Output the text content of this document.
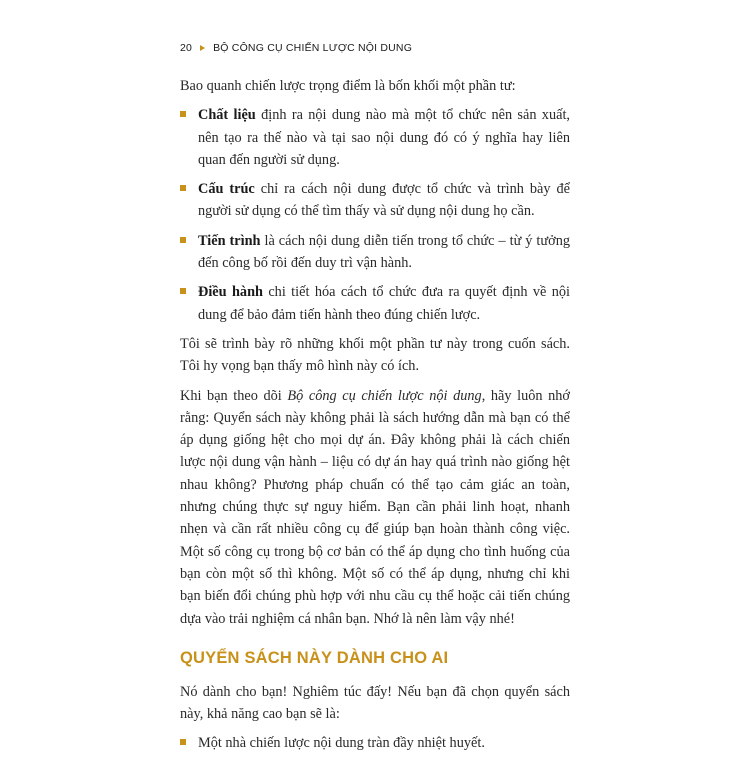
20 BỘ CÔNG CỤ CHIẾN LƯỢC NỘI DUNG

Bao quanh chiến lược trọng điểm là bốn khối một phần tư:

Chất liệu định ra nội dung nào mà một tổ chức nên sản xuất, nên tạo ra thế nào và tại sao nội dung đó có ý nghĩa hay liên quan đến người sử dụng.
Cấu trúc chỉ ra cách nội dung được tổ chức và trình bày để người sử dụng có thể tìm thấy và sử dụng nội dung họ cần.
Tiến trình là cách nội dung diễn tiến trong tổ chức – từ ý tưởng đến công bố rồi đến duy trì vận hành.
Điều hành chi tiết hóa cách tổ chức đưa ra quyết định về nội dung để bảo đảm tiến hành theo đúng chiến lược.

Tôi sẽ trình bày rõ những khối một phần tư này trong cuốn sách. Tôi hy vọng bạn thấy mô hình này có ích.

Khi bạn theo dõi Bộ công cụ chiến lược nội dung, hãy luôn nhớ rằng: Quyển sách này không phải là sách hướng dẫn mà bạn có thể áp dụng giống hệt cho mọi dự án. Đây không phải là cách chiến lược nội dung vận hành – liệu có dự án hay quá trình nào giống hệt nhau không? Phương pháp chuẩn có thể tạo cảm giác an toàn, nhưng chúng thực sự nguy hiểm. Bạn cần phải linh hoạt, nhanh nhẹn và cần rất nhiều công cụ để giúp bạn hoàn thành công việc. Một số công cụ trong bộ cơ bản có thể áp dụng cho tình huống của bạn còn một số thì không. Một số có thể áp dụng, nhưng chỉ khi bạn biến đổi chúng phù hợp với nhu cầu cụ thể hoặc cải tiến chúng dựa vào trải nghiệm cá nhân bạn. Nhớ là nên làm vậy nhé!

QUYỂN SÁCH NÀY DÀNH CHO AI

Nó dành cho bạn! Nghiêm túc đấy! Nếu bạn đã chọn quyển sách này, khả năng cao bạn sẽ là:

Một nhà chiến lược nội dung tràn đầy nhiệt huyết.
